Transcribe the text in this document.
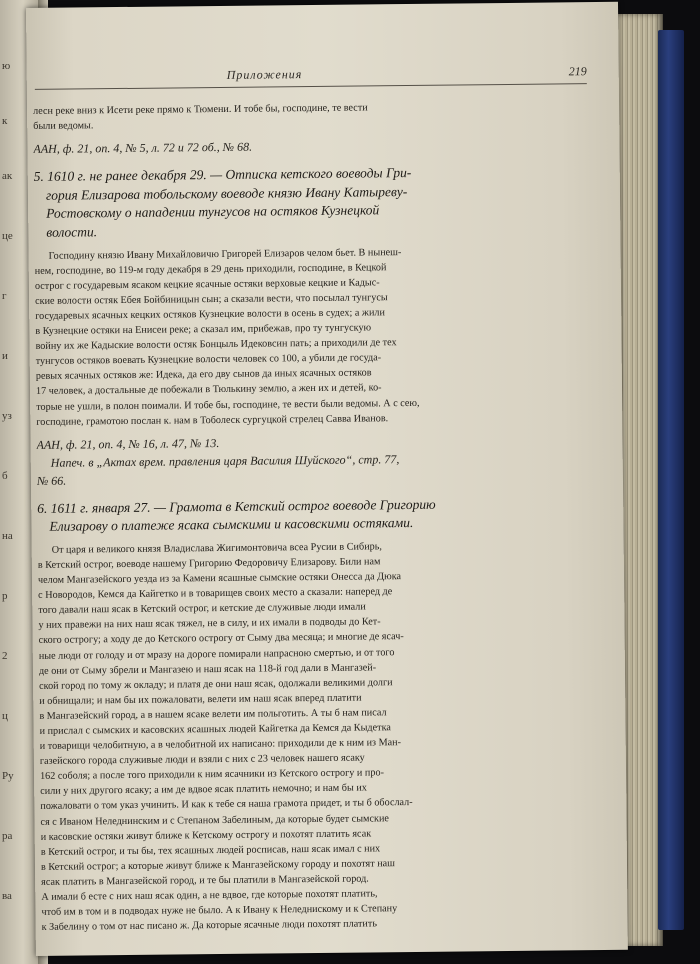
ю
к
ак
це
г
и
уз
б
на
р
2
ц
Ру
ра
ва
Приложения	219
лесн реке вниз к Исети реке прямо к Тюмени. И тобе бы, господине, те вести
были ведомы.
ААН, ф. 21, оп. 4, № 5, л. 72 и 72 об., № 68.
5. 1610 г. не ранее декабря 29. — Отписка кетского воеводы Гри-
гория Елизарова тобольскому воеводе князю Ивану Катыреву-
Ростовскому о нападении тунгусов на остяков Кузнецкой
волости.
Господину князю Ивану Михайловичю Григорей Елизаров челом бьет. В нынеш-
нем, господине, во 119-м году декабря в 29 день приходили, господине, в Кецкой
острог с государевым ясаком кецкие ясачные остяки верховые кецкие и Кадыс-
ские волости остяк Ебея Бойбиницын сын; а сказали вести, что посылал тунгусы
государевых ясачных кецких остяков Кузнецкие волости в осень в судех; а жили
в Кузнецкие остяки на Енисеи реке; а сказал им, прибежав, про ту тунгускую
войну их же Кадыские волости остяк Бонцыль Идековсин пать; а приходили де тех
тунгусов остяков воевать Кузнецкие волости человек со 100, а убили де госуда-
ревых ясачных остяков же: Идека, да его дву сынов да иных ясачных остяков
17 человек, а достальные де побежали в Тюлькину землю, а жен их и детей, ко-
торые не ушли, в полон поимали. И тобе бы, господине, те вести были ведомы. А с сею,
господине, грамотою послан к. нам в Тоболеск сургуцкой стрелец Савва Иванов.
ААН, ф. 21, оп. 4, № 16, л. 47, № 13.
Напеч. в „Актах врем. правления царя Василия Шуйского“, стр. 77,
№ 66.
6. 1611 г. января 27. — Грамота в Кетский острог воеводе Григорию
Елизарову о платеже ясака сымскими и касовскими остяками.
От царя и великого князя Владислава Жигимонтовича всеа Русии в Сибирь,
в Кетский острог, воеводе нашему Григорию Федоровичу Елизарову. Били нам
челом Мангазейского уезда из за Камени ясашные сымские остяки Онесса да Дюка
с Новородов, Кемся да Кайгетко и в товарищев своих место а сказали: наперед де
того давали наш ясак в Кетский острог, и кетские де служивые люди имали
у них правежи на них наш ясак тяжел, не в силу, и их имали в подводы до Кет-
ского острогу; а ходу де до Кетского острогу от Сыму два месяца; и многие де ясач-
ные люди от голоду и от мразу на дороге помирали напрасною смертью, и от того
де они от Сыму збрели и Мангазею и наш ясак на 118-й год дали в Мангазей-
ской город по тому ж окладу; и платя де они наш ясак, одолжали великими долги
и обнищали; и нам бы их пожаловати, велети им наш ясак вперед платити
в Мангазейский город, а в нашем ясаке велети им польготить. А ты б нам писал
и прислал с сымских и касовских ясашных людей Кайгетка да Кемся да Кыдетка
и товарищи челобитную, а в челобитной их написано: приходили де к ним из Ман-
газейского города служивые люди и взяли с них с 23 человек нашего ясаку
162 соболя; а после того приходили к ним ясачники из Кетского острогу и про-
сили у них другого ясаку; а им де вдвое ясак платить немочно; и нам бы их
пожаловати о том указ учинить. И как к тебе ся наша грамота придет, и ты б обослал-
ся с Иваном Неледнинским и с Степаном Забелиным, да которые будет сымские
и касовские остяки живут ближе к Кетскому острогу и похотят платить ясак
в Кетский острог, и ты бы, тех ясашных людей росписав, наш ясак имал с них
в Кетский острог; а которые живут ближе к Мангазейскому городу и похотят наш
ясак платить в Мангазейской город, и те бы платили в Мангазейской город.
А имали б есте с них наш ясак один, а не вдвое, где которые похотят платить,
чтоб им в том и в подводах нуже не было. А к Ивану к Неледнискому и к Степану
к Забелину о том от нас писано ж. Да которые ясачные люди похотят платить
